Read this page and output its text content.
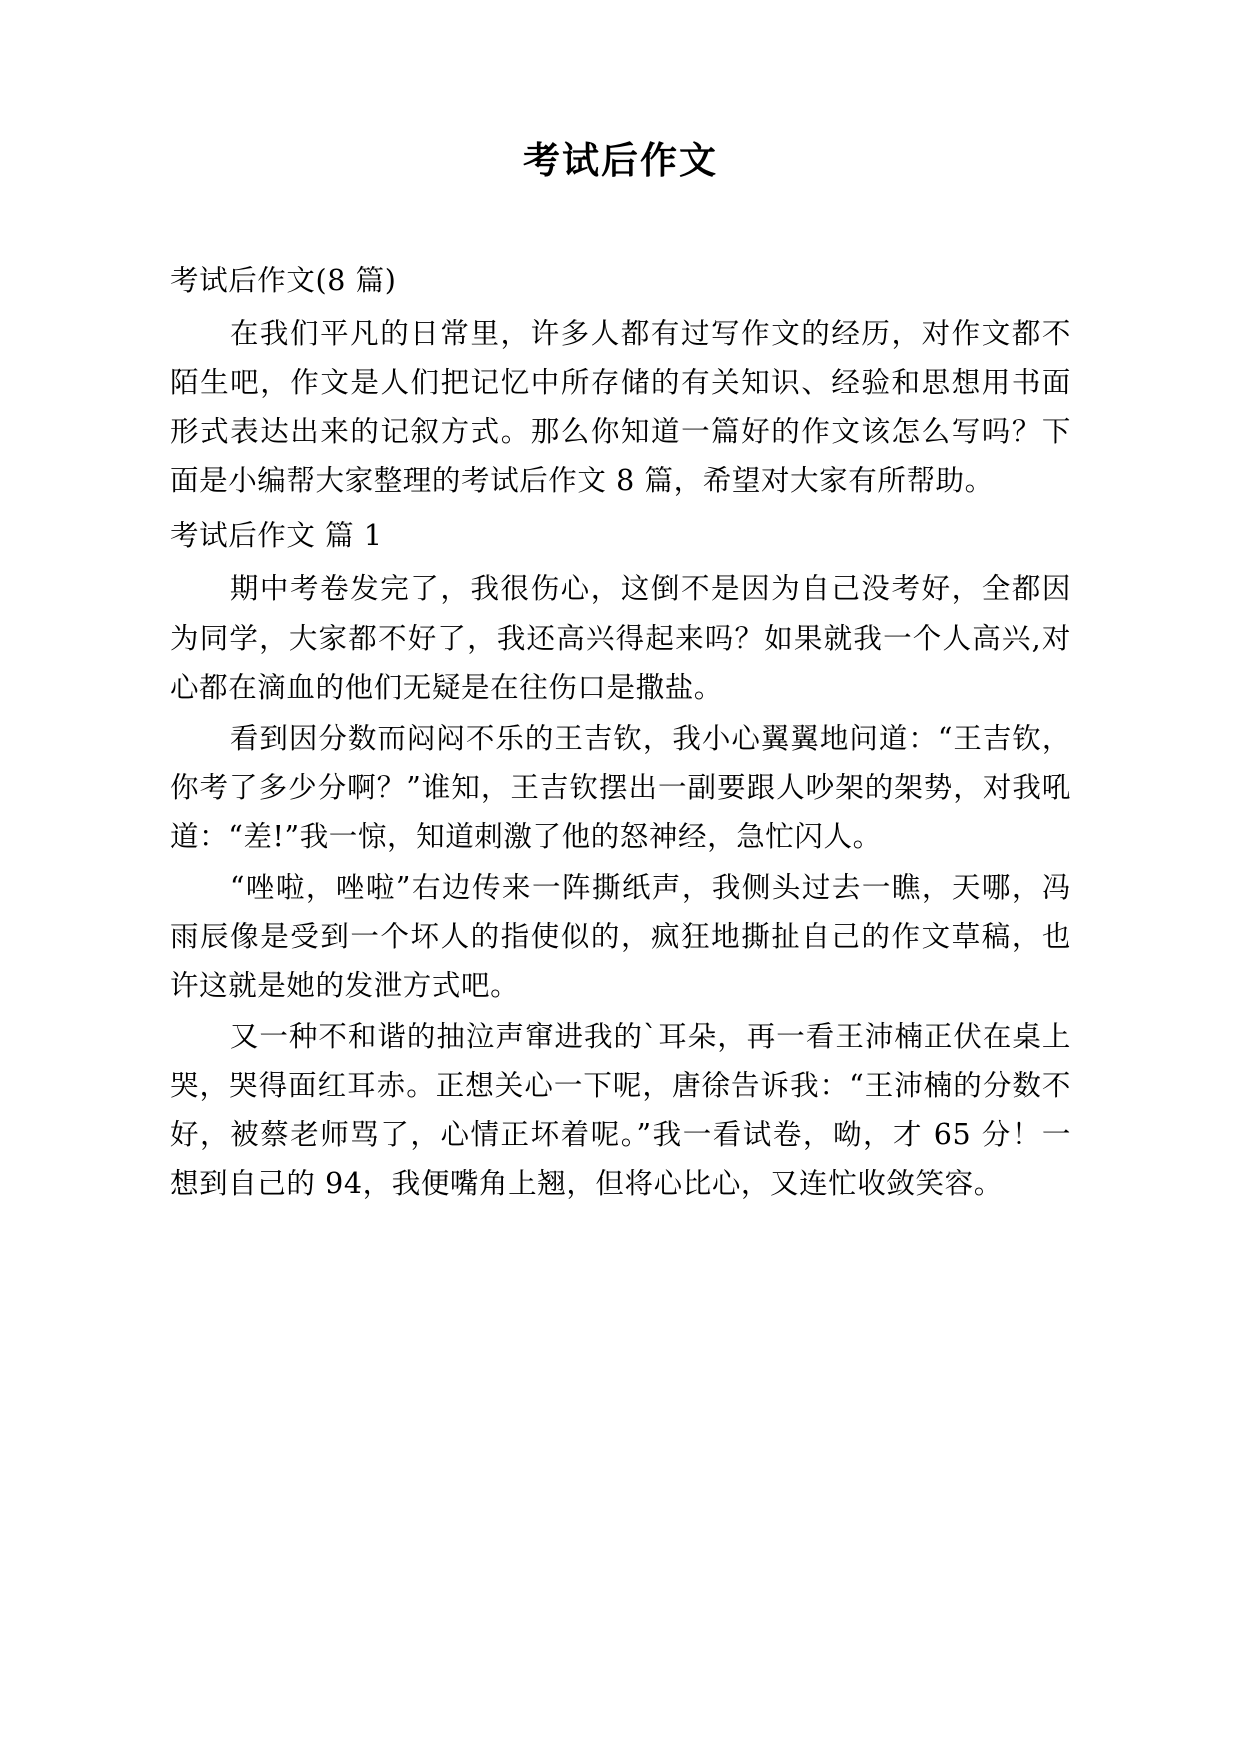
考试后作文

考试后作文(8 篇)

在我们平凡的日常里，许多人都有过写作文的经历，对作文都不陌生吧，作文是人们把记忆中所存储的有关知识、经验和思想用书面形式表达出来的记叙方式。那么你知道一篇好的作文该怎么写吗？下面是小编帮大家整理的考试后作文 8 篇，希望对大家有所帮助。

考试后作文 篇 1

期中考卷发完了，我很伤心，这倒不是因为自己没考好，全都因为同学，大家都不好了，我还高兴得起来吗？如果就我一个人高兴,对心都在滴血的他们无疑是在往伤口是撒盐。

看到因分数而闷闷不乐的王吉钦，我小心翼翼地问道：“王吉钦，你考了多少分啊？”谁知，王吉钦摆出一副要跟人吵架的架势，对我吼道：“差!”我一惊，知道刺激了他的怒神经，急忙闪人。

“唑啦，唑啦”右边传来一阵撕纸声，我侧头过去一瞧，天哪，冯雨辰像是受到一个坏人的指使似的，疯狂地撕扯自己的作文草稿，也许这就是她的发泄方式吧。

又一种不和谐的抽泣声窜进我的`耳朵，再一看王沛楠正伏在桌上哭，哭得面红耳赤。正想关心一下呢，唐徐告诉我：“王沛楠的分数不好，被蔡老师骂了，心情正坏着呢。”我一看试卷，呦，才 65 分！一想到自己的 94，我便嘴角上翘，但将心比心，又连忙收敛笑容。
